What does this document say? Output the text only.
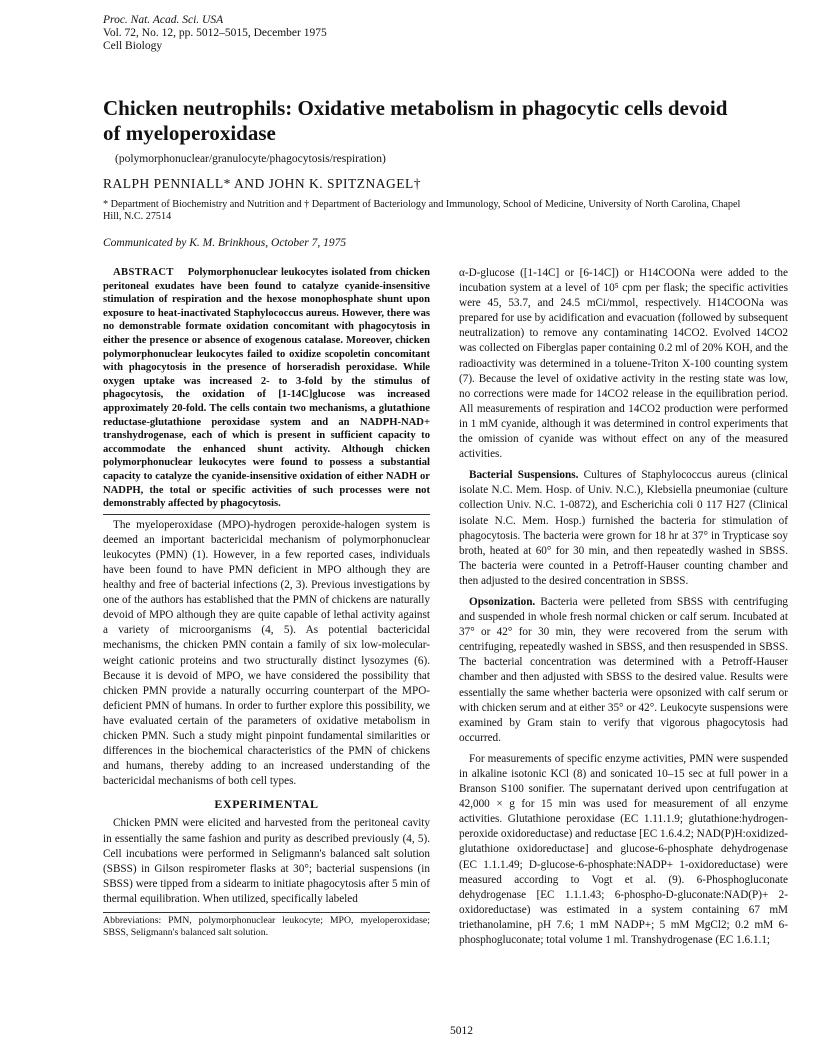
Proc. Nat. Acad. Sci. USA
Vol. 72, No. 12, pp. 5012–5015, December 1975
Cell Biology
Chicken neutrophils: Oxidative metabolism in phagocytic cells devoid of myeloperoxidase
(polymorphonuclear/granulocyte/phagocytosis/respiration)
RALPH PENNIALL* AND JOHN K. SPITZNAGEL†
* Department of Biochemistry and Nutrition and † Department of Bacteriology and Immunology, School of Medicine, University of North Carolina, Chapel Hill, N.C. 27514
Communicated by K. M. Brinkhous, October 7, 1975

ABSTRACT Polymorphonuclear leukocytes isolated from chicken peritoneal exudates have been found to catalyze cyanide-insensitive stimulation of respiration and the hexose monophosphate shunt upon exposure to heat-inactivated Staphylococcus aureus. However, there was no demonstrable formate oxidation concomitant with phagocytosis in either the presence or absence of exogenous catalase. Moreover, chicken polymorphonuclear leukocytes failed to oxidize scopoletin concomitant with phagocytosis in the presence of horseradish peroxidase. While oxygen uptake was increased 2- to 3-fold by the stimulus of phagocytosis, the oxidation of [1-14C]glucose was increased approximately 20-fold. The cells contain two mechanisms, a glutathione reductase-glutathione peroxidase system and an NADPH-NAD+ transhydrogenase, each of which is present in sufficient capacity to accommodate the enhanced shunt activity. Although chicken polymorphonuclear leukocytes were found to possess a substantial capacity to catalyze the cyanide-insensitive oxidation of either NADH or NADPH, the total or specific activities of such processes were not demonstrably affected by phagocytosis.

The myeloperoxidase (MPO)-hydrogen peroxide-halogen system is deemed an important bactericidal mechanism of polymorphonuclear leukocytes (PMN) (1). However, in a few reported cases, individuals have been found to have PMN deficient in MPO although they are healthy and free of bacterial infections (2, 3). Previous investigations by one of the authors has established that the PMN of chickens are naturally devoid of MPO although they are quite capable of lethal activity against a variety of microorganisms (4, 5). As potential bactericidal mechanisms, the chicken PMN contain a family of six low-molecular-weight cationic proteins and two structurally distinct lysozymes (6). Because it is devoid of MPO, we have considered the possibility that chicken PMN provide a naturally occurring counterpart of the MPO-deficient PMN of humans. In order to further explore this possibility, we have evaluated certain of the parameters of oxidative metabolism in chicken PMN. Such a study might pinpoint fundamental similarities or differences in the biochemical characteristics of the PMN of chickens and humans, thereby adding to an increased understanding of the bactericidal mechanisms of both cell types.

EXPERIMENTAL

Chicken PMN were elicited and harvested from the peritoneal cavity in essentially the same fashion and purity as described previously (4, 5). Cell incubations were performed in Seligmann's balanced salt solution (SBSS) in Gilson respirometer flasks at 30°; bacterial suspensions (in SBSS) were tipped from a sidearm to initiate phagocytosis after 5 min of thermal equilibration. When utilized, specifically labeled

Abbreviations: PMN, polymorphonuclear leukocyte; MPO, myeloperoxidase; SBSS, Seligmann's balanced salt solution.

α-D-glucose ([1-14C] or [6-14C]) or H14COONa were added to the incubation system at a level of 10⁵ cpm per flask; the specific activities were 45, 53.7, and 24.5 mCi/mmol, respectively. H14COONa was prepared for use by acidification and evacuation (followed by subsequent neutralization) to remove any contaminating 14CO2. Evolved 14CO2 was collected on Fiberglas paper containing 0.2 ml of 20% KOH, and the radioactivity was determined in a toluene-Triton X-100 counting system (7). Because the level of oxidative activity in the resting state was low, no corrections were made for 14CO2 release in the equilibration period. All measurements of respiration and 14CO2 production were performed in 1 mM cyanide, although it was determined in control experiments that the omission of cyanide was without effect on any of the measured activities.

Bacterial Suspensions. Cultures of Staphylococcus aureus (clinical isolate N.C. Mem. Hosp. of Univ. N.C.), Klebsiella pneumoniae (culture collection Univ. N.C. 1-0872), and Escherichia coli 0 117 H27 (Clinical isolate N.C. Mem. Hosp.) furnished the bacteria for stimulation of phagocytosis. The bacteria were grown for 18 hr at 37° in Trypticase soy broth, heated at 60° for 30 min, and then repeatedly washed in SBSS. The bacteria were counted in a Petroff-Hauser counting chamber and then adjusted to the desired concentration in SBSS.

Opsonization. Bacteria were pelleted from SBSS with centrifuging and suspended in whole fresh normal chicken or calf serum. Incubated at 37° or 42° for 30 min, they were recovered from the serum with centrifuging, repeatedly washed in SBSS, and then resuspended in SBSS. The bacterial concentration was determined with a Petroff-Hauser chamber and then adjusted with SBSS to the desired value. Results were essentially the same whether bacteria were opsonized with calf serum or with chicken serum and at either 35° or 42°. Leukocyte suspensions were examined by Gram stain to verify that vigorous phagocytosis had occurred.

For measurements of specific enzyme activities, PMN were suspended in alkaline isotonic KCl (8) and sonicated 10–15 sec at full power in a Branson S100 sonifier. The supernatant derived upon centrifugation at 42,000 × g for 15 min was used for measurement of all enzyme activities. Glutathione peroxidase (EC 1.11.1.9; glutathione:hydrogen-peroxide oxidoreductase) and reductase [EC 1.6.4.2; NAD(P)H:oxidized-glutathione oxidoreductase] and glucose-6-phosphate dehydrogenase (EC 1.1.1.49; D-glucose-6-phosphate:NADP+ 1-oxidoreductase) were measured according to Vogt et al. (9). 6-Phosphogluconate dehydrogenase [EC 1.1.1.43; 6-phospho-D-gluconate:NAD(P)+ 2-oxidoreductase) was estimated in a system containing 67 mM triethanolamine, pH 7.6; 1 mM NADP+; 5 mM MgCl2; 0.2 mM 6-phosphogluconate; total volume 1 ml. Transhydrogenase (EC 1.6.1.1;

5012
